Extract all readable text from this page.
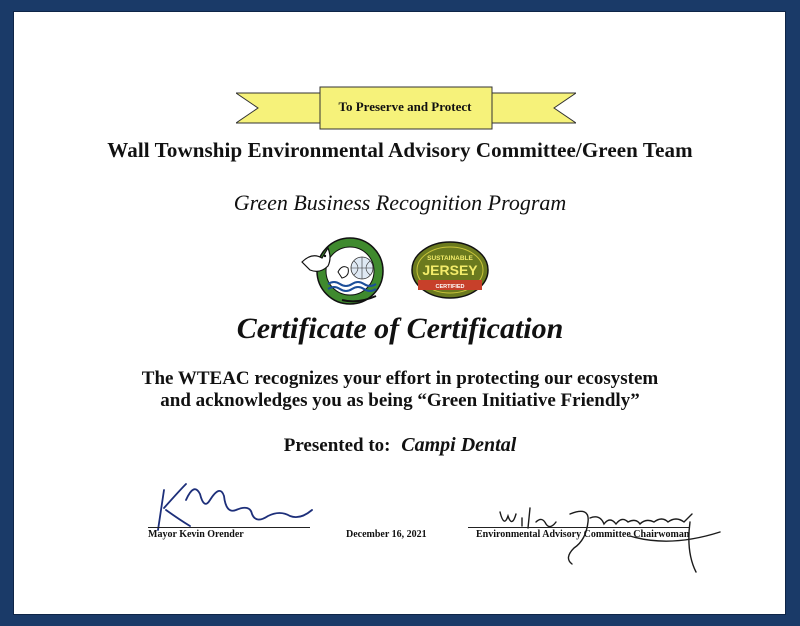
To Preserve and Protect
Wall Township Environmental Advisory Committee/Green Team
Green Business Recognition Program
SUSTAINABLE
JERSEY
CERTIFIED
Certificate of Certification
The WTEAC recognizes your effort in protecting our ecosystem
and acknowledges you as being “Green Initiative Friendly”
Presented to: Campi Dental
Mayor Kevin Orender	December 16, 2021	Environmental Advisory Committee Chairwoman
